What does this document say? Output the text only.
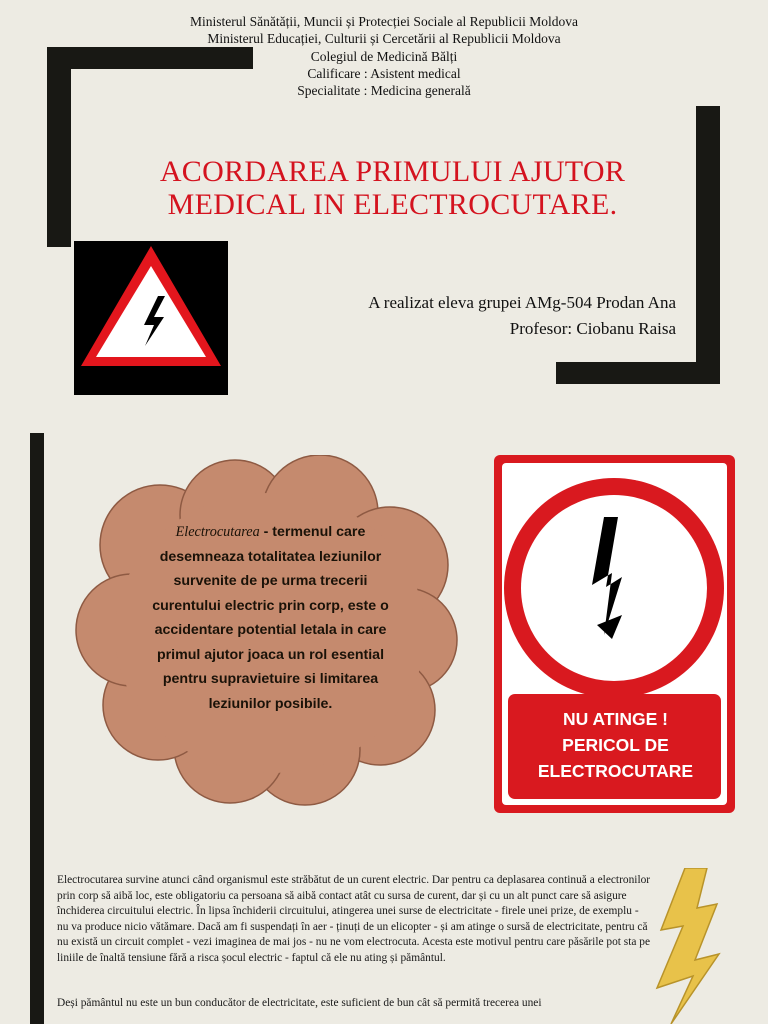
Ministerul Sănătății, Muncii și Protecției Sociale al Republicii Moldova
Ministerul Educației, Culturii și Cercetării al Republicii Moldova
Colegiul de Medicină Bălți
Calificare : Asistent medical
Specialitate : Medicina generală
ACORDAREA PRIMULUI AJUTOR
MEDICAL IN ELECTROCUTARE.
A realizat eleva grupei AMg-504 Prodan Ana
Profesor: Ciobanu Raisa
Electrocutarea - termenul care desemneaza totalitatea leziunilor survenite de pe urma trecerii curentului electric prin corp, este o accidentare potential letala in care primul ajutor joaca un rol esential pentru supravietuire si limitarea leziunilor posibile.
NU ATINGE !
PERICOL DE
ELECTROCUTARE

Electrocutarea survine atunci când organismul este străbătut de un curent electric. Dar pentru ca deplasarea continuă a electronilor prin corp să aibă loc, este obligatoriu ca persoana să aibă contact atât cu sursa de curent, dar și cu un alt punct care să asigure închiderea circuitului electric. În lipsa închiderii circuitului, atingerea unei surse de electricitate - firele unei prize, de exemplu - nu va produce nicio vătămare. Dacă am fi suspendați în aer - ținuți de un elicopter - și am atinge o sursă de electricitate, pentru că nu există un circuit complet - vezi imaginea de mai jos - nu ne vom electrocuta. Acesta este motivul pentru care păsările pot sta pe liniile de înaltă tensiune fără a risca șocul electric - faptul că ele nu ating și pământul.

Deși pământul nu este un bun conducător de electricitate, este suficient de bun cât să permită trecerea unei
